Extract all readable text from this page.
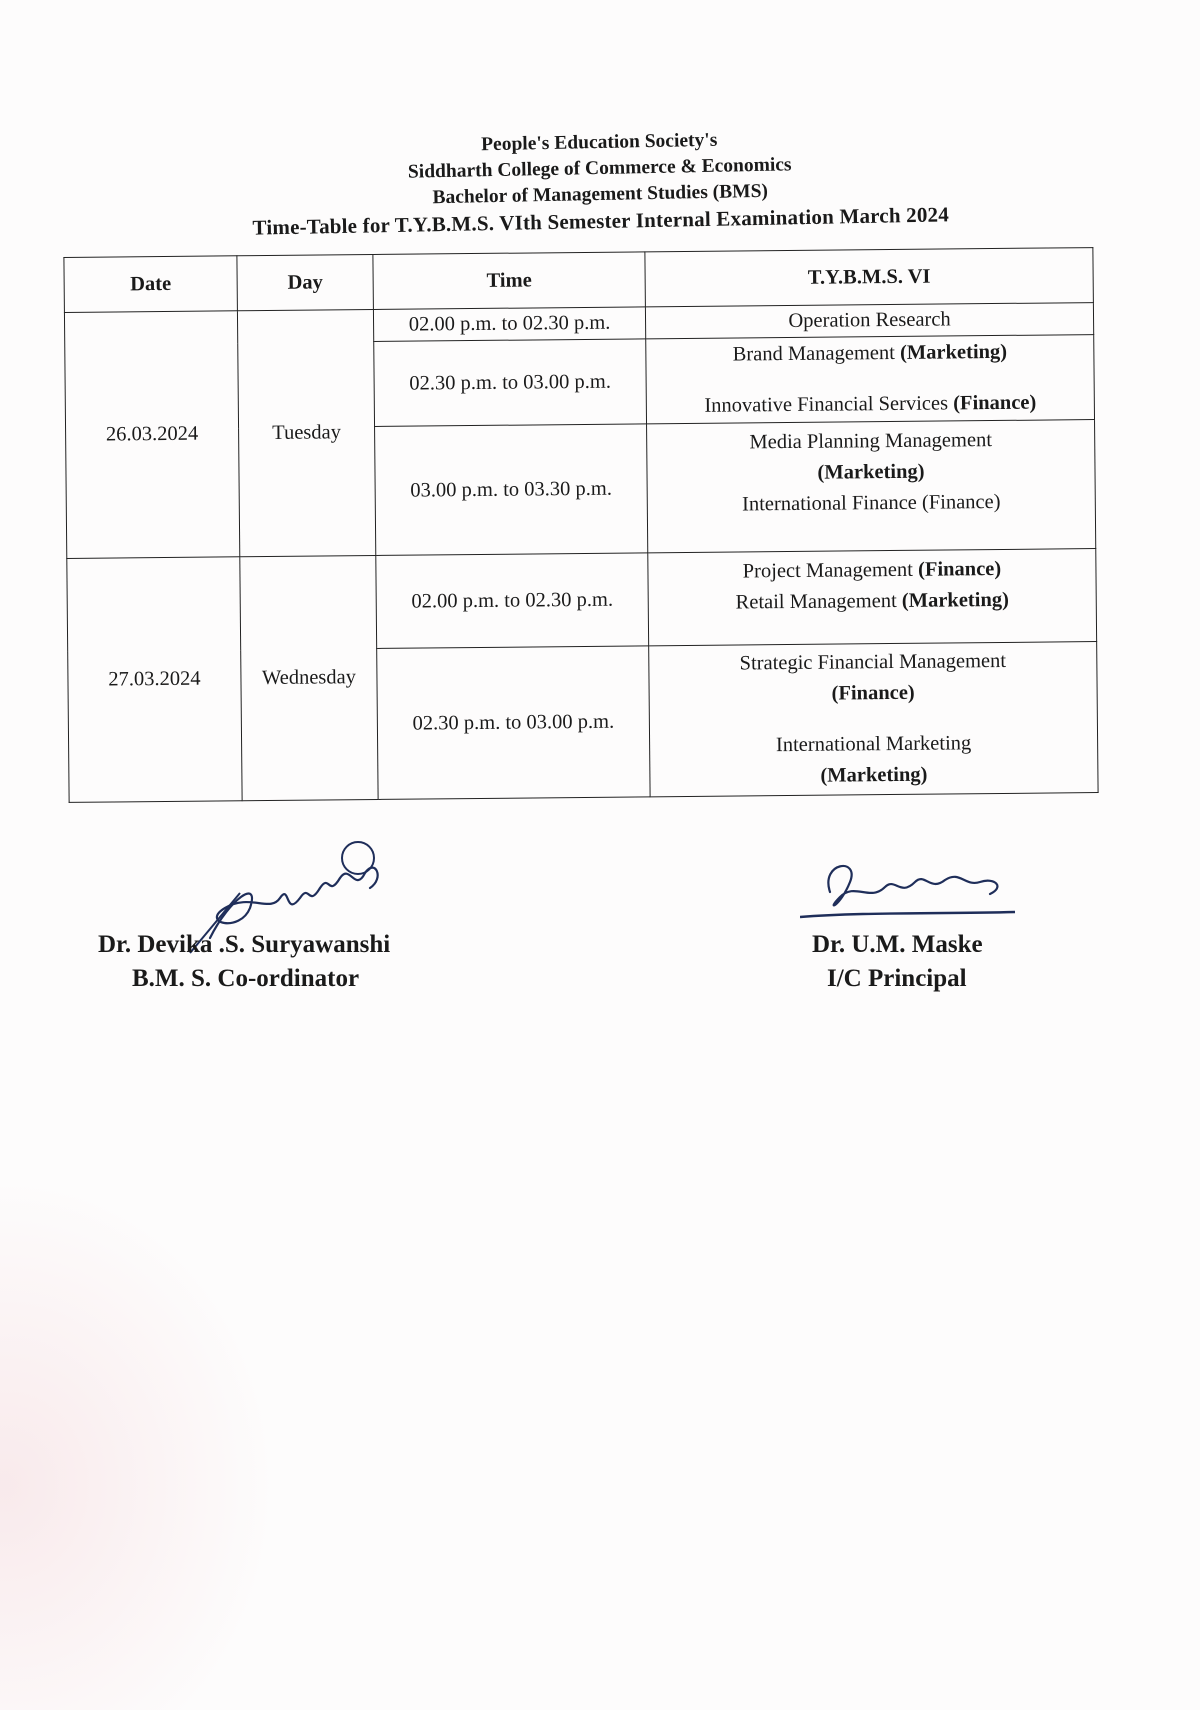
People's Education Society's
Siddharth College of Commerce & Economics
Bachelor of Management Studies (BMS)
Time-Table for T.Y.B.M.S. VIth Semester Internal Examination March 2024
Date	Day	Time	T.Y.B.M.S. VI
26.03.2024	Tuesday	02.00 p.m. to 02.30 p.m.	Operation Research

		02.30 p.m. to 03.00 p.m.	Brand Management (Marketing)
Innovative Financial Services (Finance)

		03.00 p.m. to 03.30 p.m.	Media Planning Management
(Marketing)
International Finance (Finance)

27.03.2024	Wednesday	02.00 p.m. to 02.30 p.m.	Project Management (Finance)
Retail Management (Marketing)

		02.30 p.m. to 03.00 p.m.	Strategic Financial Management
(Finance)
International Marketing
(Marketing)
Dr. Devika .S. Suryawanshi
B.M. S. Co-ordinator
Dr. U.M. Maske
I/C Principal
